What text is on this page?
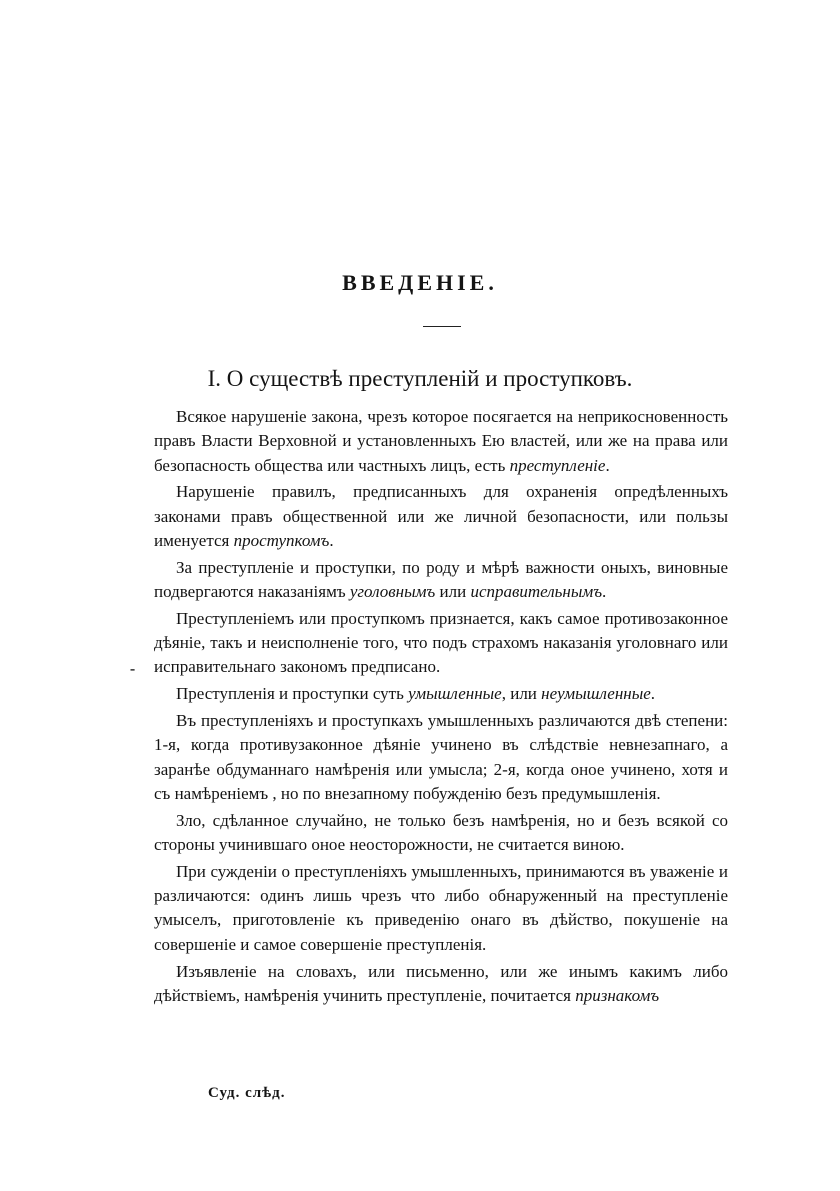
ВВЕДЕНIЕ.
I. О существѣ преступленій и проступковъ.
⁃

Всякое нарушеніе закона, чрезъ которое посягается на неприкосновенность правъ Власти Верховной и установленныхъ Ею властей, или же на права или безопасность общества или частныхъ лицъ, есть преступленіе.

Нарушеніе правилъ, предписанныхъ для охраненія опредѣленныхъ законами правъ общественной или же личной безопасности, или пользы именуется проступкомъ.

За преступленіе и проступки, по роду и мѣрѣ важности оныхъ, виновные подвергаются наказаніямъ уголовнымъ или исправительнымъ.

Преступленіемъ или проступкомъ признается, какъ самое противозаконное дѣяніе, такъ и неисполненіе того, что подъ страхомъ наказанія уголовнаго или исправительнаго закономъ предписано.

Преступленія и проступки суть умышленные, или неумышленные.

Въ преступленіяхъ и проступкахъ умышленныхъ различаются двѣ степени: 1-я, когда противузаконное дѣяніе учинено въ слѣдствіе невнезапнаго, а заранѣе обдуманнаго намѣренія или умысла; 2-я, когда оное учинено, хотя и съ намѣреніемъ , но по внезапному побужденію безъ предумышленія.

Зло, сдѣланное случайно, не только безъ намѣренія, но и безъ всякой со стороны учинившаго оное неосторожности, не считается виною.

При сужденіи о преступленіяхъ умышленныхъ, принимаются въ уваженіе и различаются: одинъ лишь чрезъ что либо обнаруженный на преступленіе умыселъ, приготовленіе къ приведенію онаго въ дѣйство, покушеніе на совершеніе и самое совершеніе преступленія.

Изъявленіе на словахъ, или письменно, или же инымъ какимъ либо дѣйствіемъ, намѣренія учинить преступленіе, почитается признакомъ

Суд. слѣд.
